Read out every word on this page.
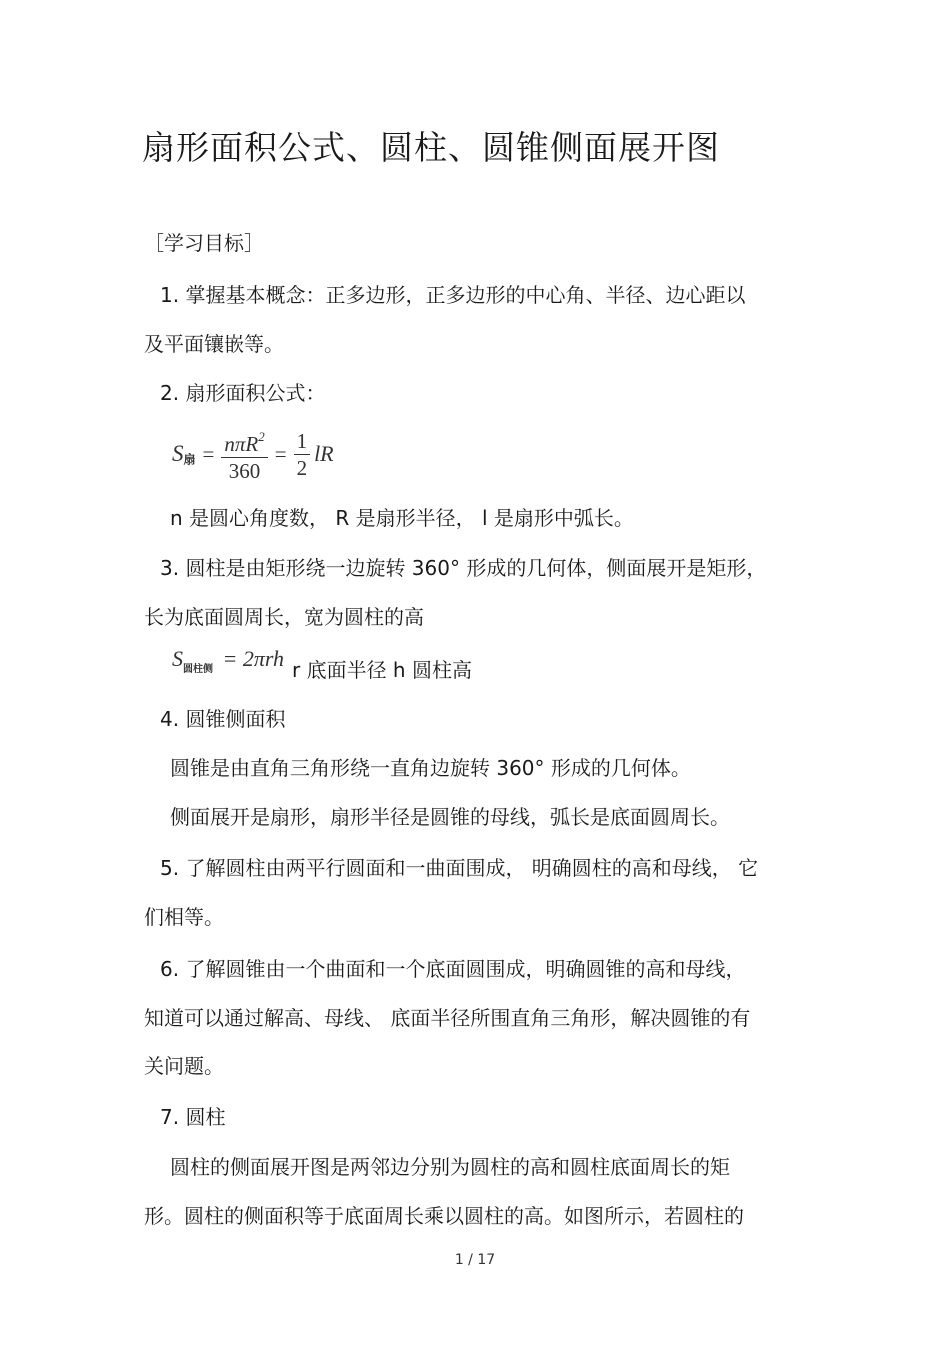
扇形面积公式、圆柱、圆锥侧面展开图
［学习目标］
1. 掌握基本概念：正多边形，正多边形的中心角、半径、边心距以
及平面镶嵌等。
2. 扇形面积公式：
$S_扇 = \frac{n\pi R^2}{360} = \frac{1}{2}$ lR
n 是圆心角度数， R 是扇形半径， l 是扇形中弧长。
3. 圆柱是由矩形绕一边旋转 360° 形成的几何体，侧面展开是矩形，
长为底面圆周长，宽为圆柱的高
$S_{圆柱侧} = 2\pi rh$ r 底面半径 h 圆柱高
4. 圆锥侧面积
圆锥是由直角三角形绕一直角边旋转 360° 形成的几何体。
侧面展开是扇形，扇形半径是圆锥的母线，弧长是底面圆周长。
5. 了解圆柱由两平行圆面和一曲面围成， 明确圆柱的高和母线， 它
们相等。
6. 了解圆锥由一个曲面和一个底面圆围成，明确圆锥的高和母线，
知道可以通过解高、母线、 底面半径所围直角三角形，解决圆锥的有
关问题。
7. 圆柱
圆柱的侧面展开图是两邻边分别为圆柱的高和圆柱底面周长的矩
形。圆柱的侧面积等于底面周长乘以圆柱的高。如图所示，若圆柱的
1 / 17
